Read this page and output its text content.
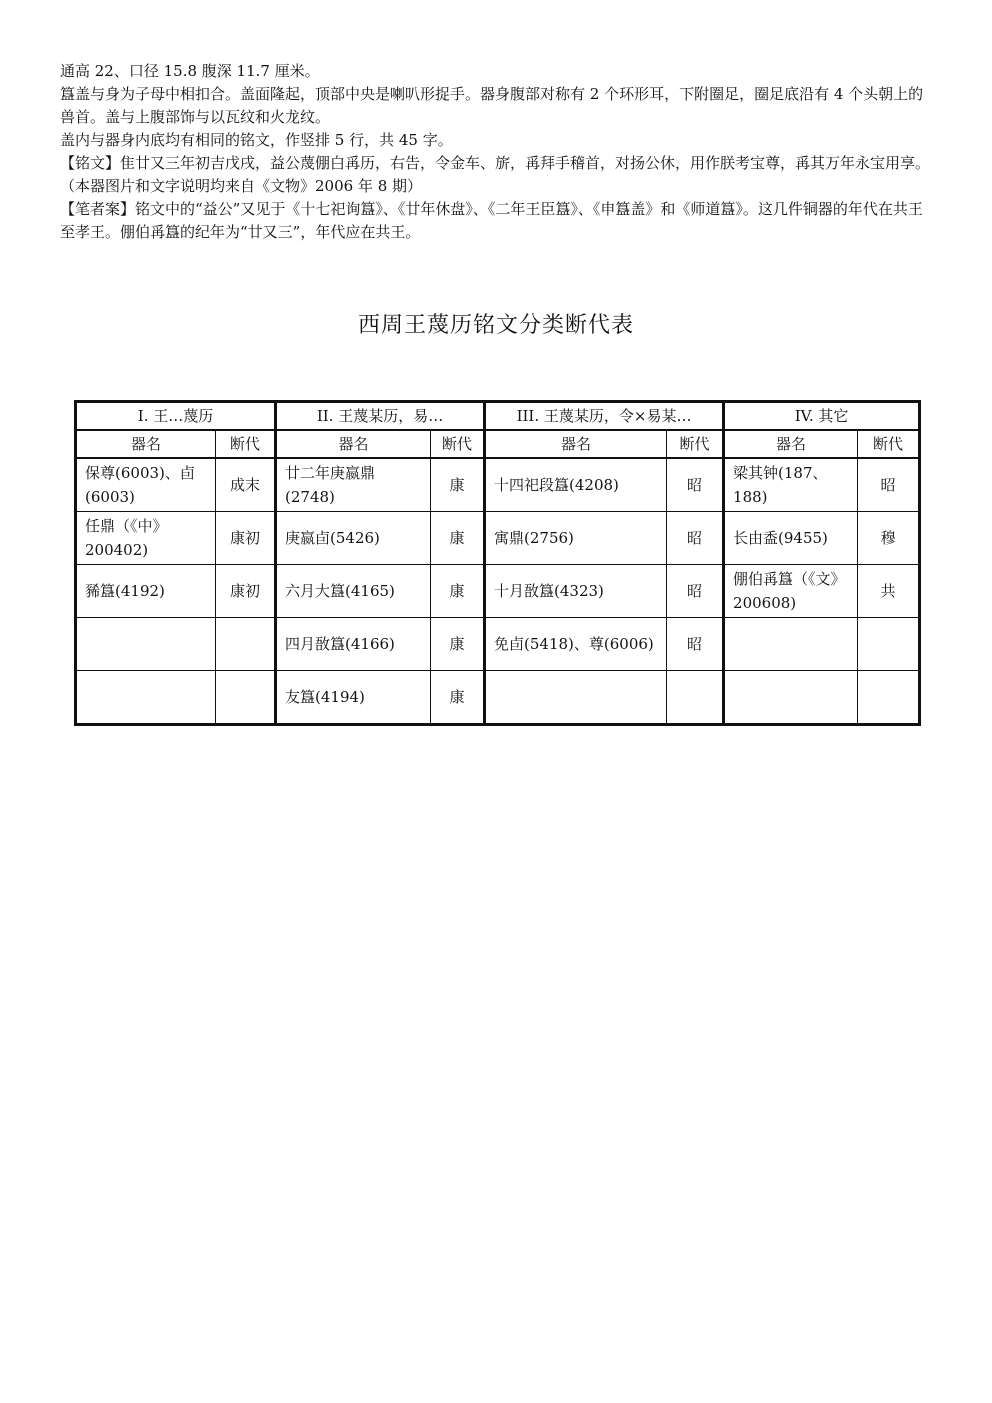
通高 22、口径 15.8 腹深 11.7 厘米。

簋盖与身为子母中相扣合。盖面隆起，顶部中央是喇叭形捉手。器身腹部对称有 2 个环形耳，下附圈足，圈足底沿有 4 个头朝上的兽首。盖与上腹部饰与以瓦纹和火龙纹。

盖内与器身内底均有相同的铭文，作竖排 5 行，共 45 字。

【铭文】隹廿又三年初吉戊戌，益公蔑倗白爯历，右告，令金车、旂，爯拜手稽首，对扬公休，用作朕考宝尊，爯其万年永宝用享。

（本器图片和文字说明均来自《文物》2006 年 8 期）

【笔者案】铭文中的“益公”又见于《十七祀询簋》、《廿年休盘》、《二年王臣簋》、《申簋盖》和《师道簋》。这几件铜器的年代在共王至孝王。倗伯爯簋的纪年为“廿又三”，年代应在共王。

西周王蔑历铭文分类断代表
I. 王…蔑历		II. 王蔑某历，易…		III. 王蔑某历，令×易某…		IV. 其它	
器名	断代	器名	断代	器名	断代	器名	断代
保尊(6003)、卣(6003)	成末	廿二年庚嬴鼎(2748)	康	十四祀段簋(4208)	昭	梁其钟(187、188)	昭
任鼎（《中》200402)	康初	庚嬴卣(5426)	康	寓鼎(2756)	昭	长由盉(9455)	穆
豨簋(4192)	康初	六月大簋(4165)	康	十月敔簋(4323)	昭	倗伯爯簋（《文》200608)	共
		四月敔簋(4166)	康	免卣(5418)、尊(6006)	昭		
		友簋(4194)	康				
